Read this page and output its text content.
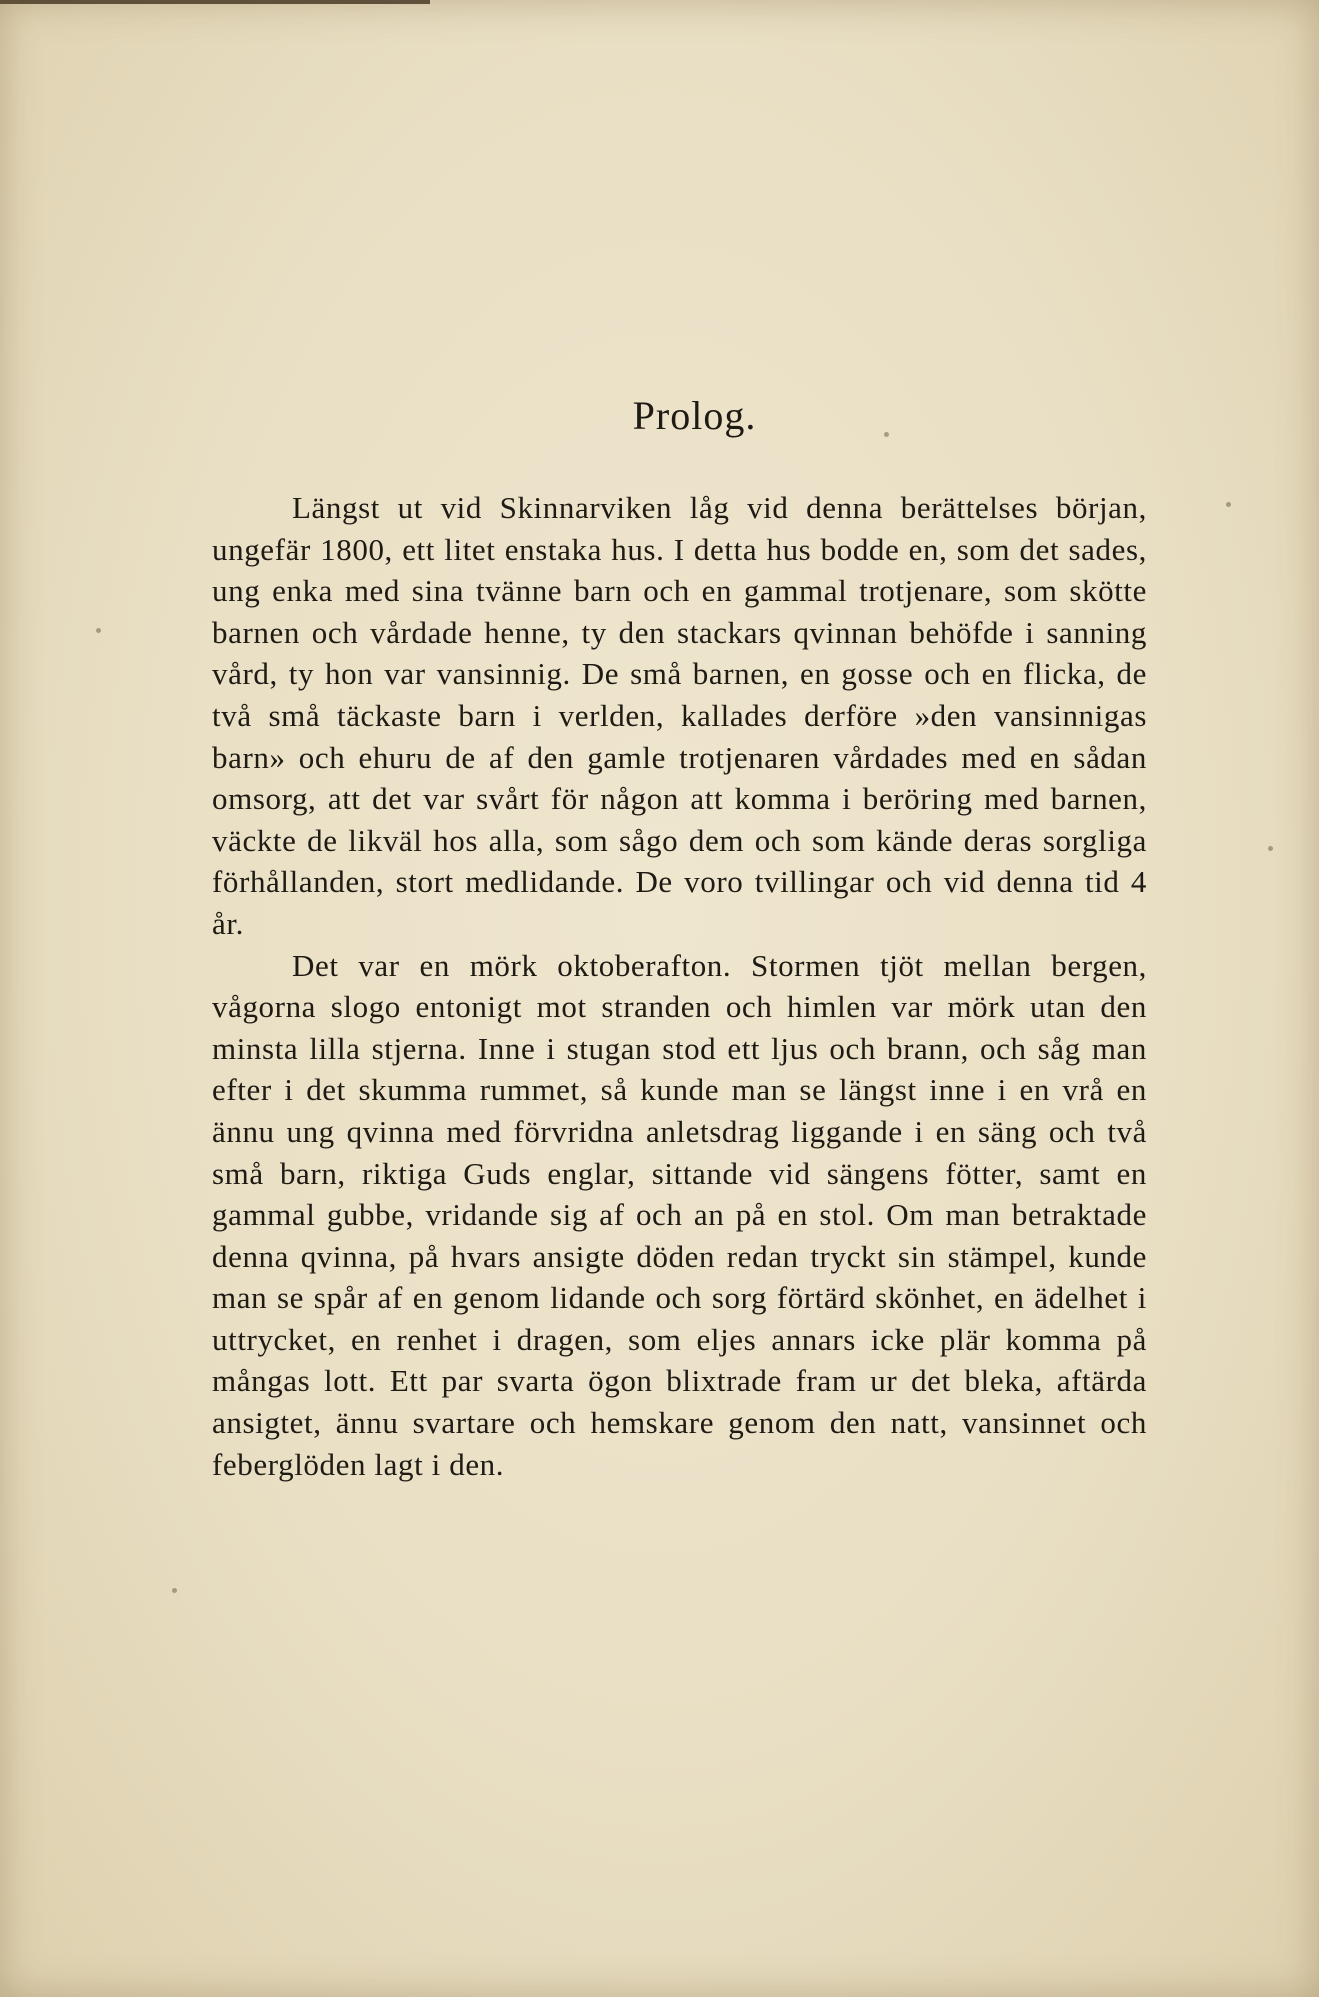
Prolog.

Längst ut vid Skinnarviken låg vid denna berättelses början, ungefär 1800, ett litet enstaka hus. I detta hus bodde en, som det sades, ung enka med sina tvänne barn och en gammal trotjenare, som skötte barnen och vårdade henne, ty den stackars qvinnan behöfde i sanning vård, ty hon var vansinnig. De små barnen, en gosse och en flicka, de två små täckaste barn i verlden, kallades derföre »den vansinnigas barn» och ehuru de af den gamle trotjenaren vårdades med en sådan omsorg, att det var svårt för någon att komma i beröring med barnen, väckte de likväl hos alla, som sågo dem och som kände deras sorgliga förhållanden, stort medlidande. De voro tvillingar och vid denna tid 4 år.

Det var en mörk oktoberafton. Stormen tjöt mellan bergen, vågorna slogo entonigt mot stranden och himlen var mörk utan den minsta lilla stjerna. Inne i stugan stod ett ljus och brann, och såg man efter i det skumma rummet, så kunde man se längst inne i en vrå en ännu ung qvinna med förvridna anletsdrag liggande i en säng och två små barn, riktiga Guds englar, sittande vid sängens fötter, samt en gammal gubbe, vridande sig af och an på en stol. Om man betraktade denna qvinna, på hvars ansigte döden redan tryckt sin stämpel, kunde man se spår af en genom lidande och sorg förtärd skönhet, en ädelhet i uttrycket, en renhet i dragen, som eljes annars icke plär komma på mångas lott. Ett par svarta ögon blixtrade fram ur det bleka, aftärda ansigtet, ännu svartare och hemskare genom den natt, vansinnet och feberglöden lagt i den.
